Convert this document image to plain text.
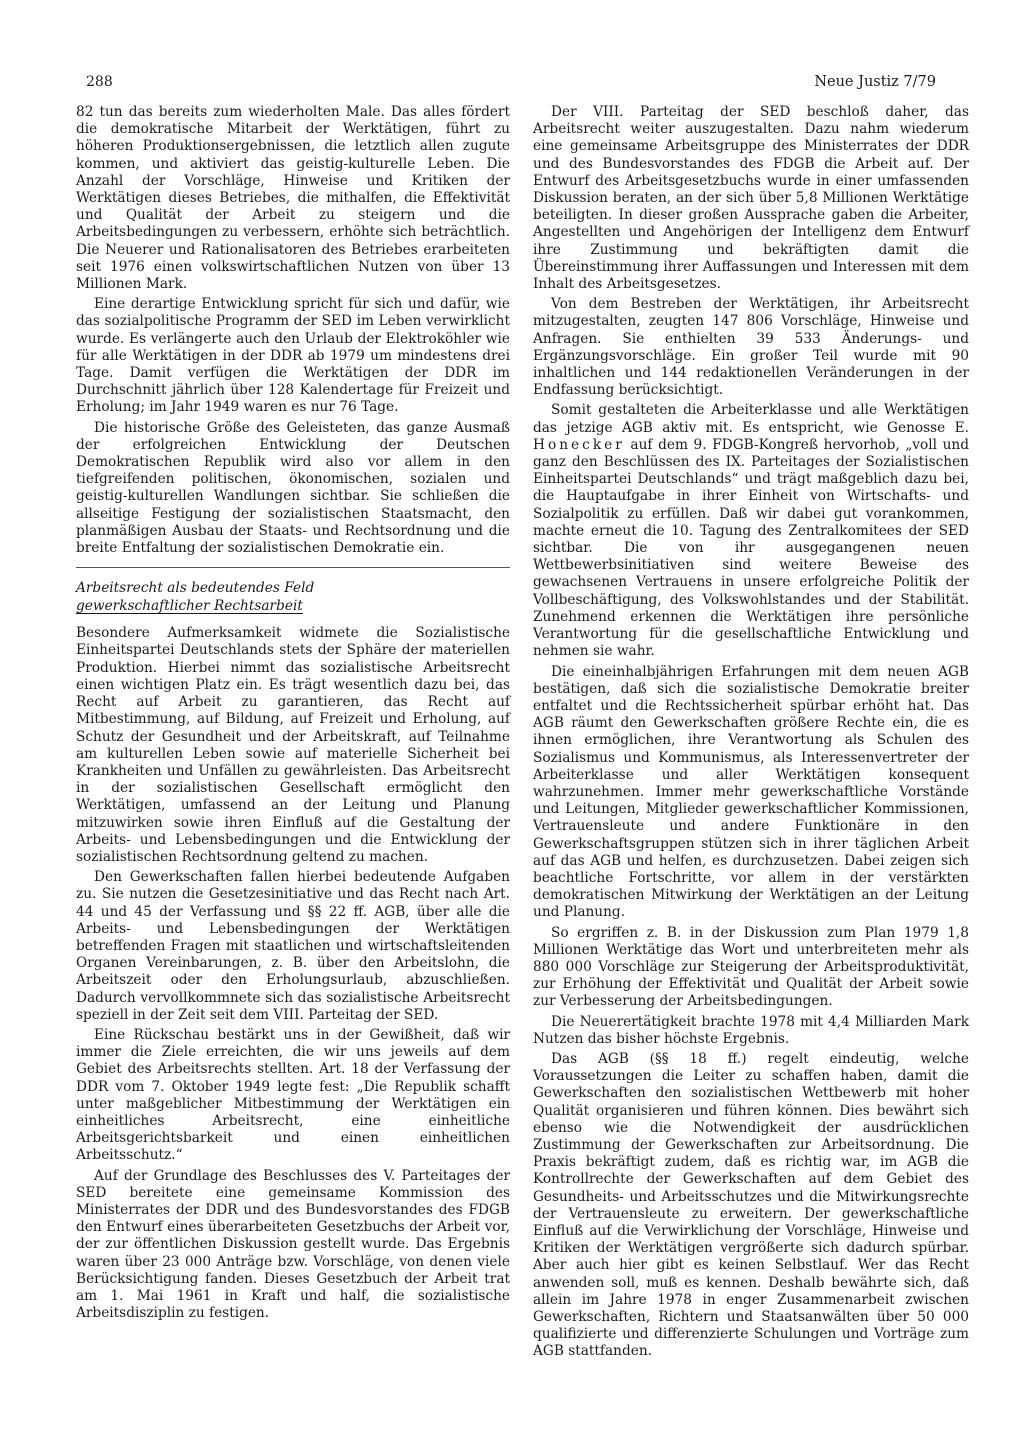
288	Neue Justiz 7/79

82 tun das bereits zum wiederholten Male. Das alles fördert die demokratische Mitarbeit der Werktätigen, führt zu höheren Produktionsergebnissen, die letztlich allen zugute kommen, und aktiviert das geistig-kulturelle Leben. Die Anzahl der Vorschläge, Hinweise und Kritiken der Werktätigen dieses Betriebes, die mithalfen, die Effektivität und Qualität der Arbeit zu steigern und die Arbeitsbedingungen zu verbessern, erhöhte sich beträchtlich. Die Neuerer und Rationalisatoren des Betriebes erarbeiteten seit 1976 einen volkswirtschaftlichen Nutzen von über 13 Millionen Mark.

Eine derartige Entwicklung spricht für sich und dafür, wie das sozialpolitische Programm der SED im Leben verwirklicht wurde. Es verlängerte auch den Urlaub der Elektroköhler wie für alle Werktätigen in der DDR ab 1979 um mindestens drei Tage. Damit verfügen die Werktätigen der DDR im Durchschnitt jährlich über 128 Kalendertage für Freizeit und Erholung; im Jahr 1949 waren es nur 76 Tage.

Die historische Größe des Geleisteten, das ganze Ausmaß der erfolgreichen Entwicklung der Deutschen Demokratischen Republik wird also vor allem in den tiefgreifenden politischen, ökonomischen, sozialen und geistig-kulturellen Wandlungen sichtbar. Sie schließen die allseitige Festigung der sozialistischen Staatsmacht, den planmäßigen Ausbau der Staats- und Rechtsordnung und die breite Entfaltung der sozialistischen Demokratie ein.

Arbeitsrecht als bedeutendes Feld
gewerkschaftlicher Rechtsarbeit

Besondere Aufmerksamkeit widmete die Sozialistische Einheitspartei Deutschlands stets der Sphäre der materiellen Produktion. Hierbei nimmt das sozialistische Arbeitsrecht einen wichtigen Platz ein. Es trägt wesentlich dazu bei, das Recht auf Arbeit zu garantieren, das Recht auf Mitbestimmung, auf Bildung, auf Freizeit und Erholung, auf Schutz der Gesundheit und der Arbeitskraft, auf Teilnahme am kulturellen Leben sowie auf materielle Sicherheit bei Krankheiten und Unfällen zu gewährleisten. Das Arbeitsrecht in der sozialistischen Gesellschaft ermöglicht den Werktätigen, umfassend an der Leitung und Planung mitzuwirken sowie ihren Einfluß auf die Gestaltung der Arbeits- und Lebensbedingungen und die Entwicklung der sozialistischen Rechtsordnung geltend zu machen.

Den Gewerkschaften fallen hierbei bedeutende Aufgaben zu. Sie nutzen die Gesetzesinitiative und das Recht nach Art. 44 und 45 der Verfassung und §§ 22 ff. AGB, über alle die Arbeits- und Lebensbedingungen der Werktätigen betreffenden Fragen mit staatlichen und wirtschaftsleitenden Organen Vereinbarungen, z. B. über den Arbeitslohn, die Arbeitszeit oder den Erholungsurlaub, abzuschließen. Dadurch vervollkommnete sich das sozialistische Arbeitsrecht speziell in der Zeit seit dem VIII. Parteitag der SED.

Eine Rückschau bestärkt uns in der Gewißheit, daß wir immer die Ziele erreichten, die wir uns jeweils auf dem Gebiet des Arbeitsrechts stellten. Art. 18 der Verfassung der DDR vom 7. Oktober 1949 legte fest: „Die Republik schafft unter maßgeblicher Mitbestimmung der Werktätigen ein einheitliches Arbeitsrecht, eine einheitliche Arbeitsgerichtsbarkeit und einen einheitlichen Arbeitsschutz.“

Auf der Grundlage des Beschlusses des V. Parteitages der SED bereitete eine gemeinsame Kommission des Ministerrates der DDR und des Bundesvorstandes des FDGB den Entwurf eines überarbeiteten Gesetzbuchs der Arbeit vor, der zur öffentlichen Diskussion gestellt wurde. Das Ergebnis waren über 23 000 Anträge bzw. Vorschläge, von denen viele Berücksichtigung fanden. Dieses Gesetzbuch der Arbeit trat am 1. Mai 1961 in Kraft und half, die sozialistische Arbeitsdisziplin zu festigen.

Der VIII. Parteitag der SED beschloß daher, das Arbeitsrecht weiter auszugestalten. Dazu nahm wiederum eine gemeinsame Arbeitsgruppe des Ministerrates der DDR und des Bundesvorstandes des FDGB die Arbeit auf. Der Entwurf des Arbeitsgesetzbuchs wurde in einer umfassenden Diskussion beraten, an der sich über 5,8 Millionen Werktätige beteiligten. In dieser großen Aussprache gaben die Arbeiter, Angestellten und Angehörigen der Intelligenz dem Entwurf ihre Zustimmung und bekräftigten damit die Übereinstimmung ihrer Auffassungen und Interessen mit dem Inhalt des Arbeitsgesetzes.

Von dem Bestreben der Werktätigen, ihr Arbeitsrecht mitzugestalten, zeugten 147 806 Vorschläge, Hinweise und Anfragen. Sie enthielten 39 533 Änderungs- und Ergänzungsvorschläge. Ein großer Teil wurde mit 90 inhaltlichen und 144 redaktionellen Veränderungen in der Endfassung berücksichtigt.

Somit gestalteten die Arbeiterklasse und alle Werktätigen das jetzige AGB aktiv mit. Es entspricht, wie Genosse E. Honecker auf dem 9. FDGB-Kongreß hervorhob, „voll und ganz den Beschlüssen des IX. Parteitages der Sozialistischen Einheitspartei Deutschlands“ und trägt maßgeblich dazu bei, die Hauptaufgabe in ihrer Einheit von Wirtschafts- und Sozialpolitik zu erfüllen. Daß wir dabei gut vorankommen, machte erneut die 10. Tagung des Zentralkomitees der SED sichtbar. Die von ihr ausgegangenen neuen Wettbewerbsinitiativen sind weitere Beweise des gewachsenen Vertrauens in unsere erfolgreiche Politik der Vollbeschäftigung, des Volkswohlstandes und der Stabilität. Zunehmend erkennen die Werktätigen ihre persönliche Verantwortung für die gesellschaftliche Entwicklung und nehmen sie wahr.

Die eineinhalbjährigen Erfahrungen mit dem neuen AGB bestätigen, daß sich die sozialistische Demokratie breiter entfaltet und die Rechtssicherheit spürbar erhöht hat. Das AGB räumt den Gewerkschaften größere Rechte ein, die es ihnen ermöglichen, ihre Verantwortung als Schulen des Sozialismus und Kommunismus, als Interessenvertreter der Arbeiterklasse und aller Werktätigen konsequent wahrzunehmen. Immer mehr gewerkschaftliche Vorstände und Leitungen, Mitglieder gewerkschaftlicher Kommissionen, Vertrauensleute und andere Funktionäre in den Gewerkschaftsgruppen stützen sich in ihrer täglichen Arbeit auf das AGB und helfen, es durchzusetzen. Dabei zeigen sich beachtliche Fortschritte, vor allem in der verstärkten demokratischen Mitwirkung der Werktätigen an der Leitung und Planung.

So ergriffen z. B. in der Diskussion zum Plan 1979 1,8 Millionen Werktätige das Wort und unterbreiteten mehr als 880 000 Vorschläge zur Steigerung der Arbeitsproduktivität, zur Erhöhung der Effektivität und Qualität der Arbeit sowie zur Verbesserung der Arbeitsbedingungen.

Die Neuerertätigkeit brachte 1978 mit 4,4 Milliarden Mark Nutzen das bisher höchste Ergebnis.

Das AGB (§§ 18 ff.) regelt eindeutig, welche Voraussetzungen die Leiter zu schaffen haben, damit die Gewerkschaften den sozialistischen Wettbewerb mit hoher Qualität organisieren und führen können. Dies bewährt sich ebenso wie die Notwendigkeit der ausdrücklichen Zustimmung der Gewerkschaften zur Arbeitsordnung. Die Praxis bekräftigt zudem, daß es richtig war, im AGB die Kontrollrechte der Gewerkschaften auf dem Gebiet des Gesundheits- und Arbeitsschutzes und die Mitwirkungsrechte der Vertrauensleute zu erweitern. Der gewerkschaftliche Einfluß auf die Verwirklichung der Vorschläge, Hinweise und Kritiken der Werktätigen vergrößerte sich dadurch spürbar. Aber auch hier gibt es keinen Selbstlauf. Wer das Recht anwenden soll, muß es kennen. Deshalb bewährte sich, daß allein im Jahre 1978 in enger Zusammenarbeit zwischen Gewerkschaften, Richtern und Staatsanwälten über 50 000 qualifizierte und differenzierte Schulungen und Vorträge zum AGB stattfanden.
